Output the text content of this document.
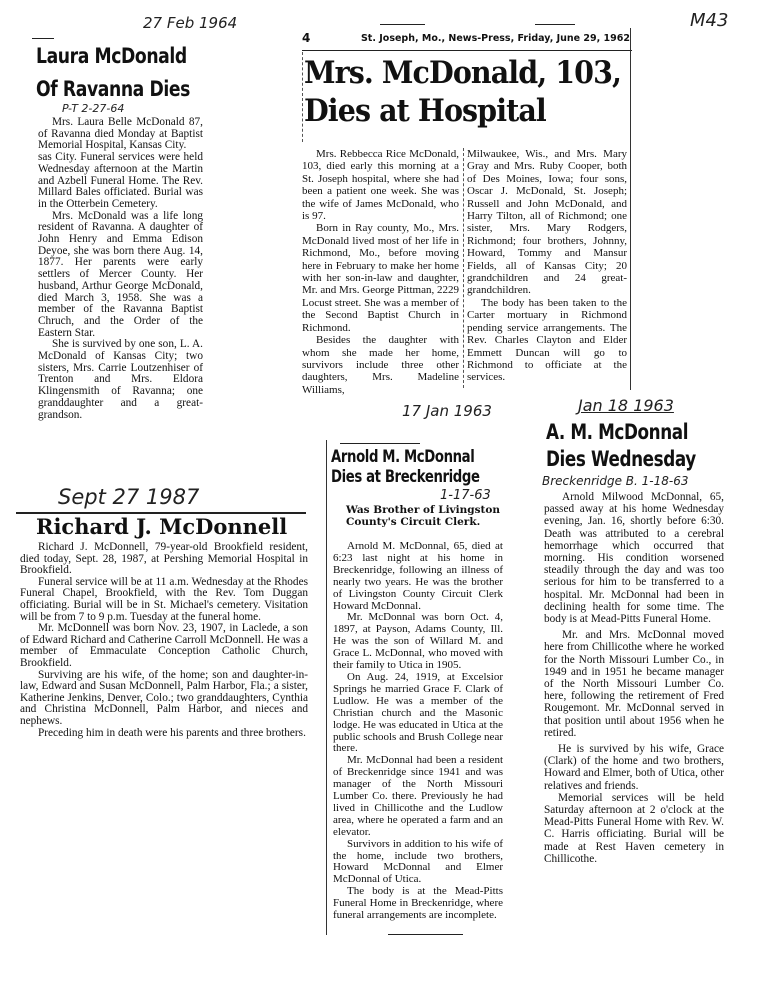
M43
27 Feb 1964
Laura McDonald
Of Ravanna Dies
P-T 2-27-64

Mrs. Laura Belle McDonald 87, of Ravanna died Monday at Baptist Memorial Hospital, Kansas City.

sas City. Funeral services were held Wednesday afternoon at the Martin and Azbell Funeral Home. The Rev. Millard Bales officiated. Burial was in the Otterbein Cemetery.

Mrs. McDonald was a life long resident of Ravanna. A daughter of John Henry and Emma Edison Deyoe, she was born there Aug. 14, 1877. Her parents were early settlers of Mercer County. Her husband, Arthur George McDonald, died March 3, 1958. She was a member of the Ravanna Baptist Chruch, and the Order of the Eastern Star.

She is survived by one son, L. A. McDonald of Kansas City; two sisters, Mrs. Carrie Loutzenhiser of Trenton and Mrs. Eldora Klingensmith of Ravanna; one granddaughter and a great-grandson.

4	St. Joseph, Mo., News-Press, Friday, June 29, 1962
Mrs. McDonald, 103,
Dies at Hospital

Mrs. Rebbecca Rice McDonald, 103, died early this morning at a St. Joseph hospital, where she had been a patient one week. She was the wife of James McDonald, who is 97.

Born in Ray county, Mo., Mrs. McDonald lived most of her life in Richmond, Mo., before moving here in February to make her home with her son-in-law and daughter, Mr. and Mrs. George Pittman, 2229 Locust street. She was a member of the Second Baptist Church in Richmond.

Besides the daughter with whom she made her home, survivors include three other daughters, Mrs. Madeline Williams,

Milwaukee, Wis., and Mrs. Mary Gray and Mrs. Ruby Cooper, both of Des Moines, Iowa; four sons, Oscar J. McDonald, St. Joseph; Russell and John McDonald, and Harry Tilton, all of Richmond; one sister, Mrs. Mary Rodgers, Richmond; four brothers, Johnny, Howard, Tommy and Mansur Fields, all of Kansas City; 20 grandchildren and 24 great-grandchildren.

The body has been taken to the Carter mortuary in Richmond pending service arrangements. The Rev. Charles Clayton and Elder Emmett Duncan will go to Richmond to officiate at the services.

Sept 27 1987
Richard J. McDonnell

Richard J. McDonnell, 79-year-old Brookfield resident, died today, Sept. 28, 1987, at Pershing Memorial Hospital in Brookfield.

Funeral service will be at 11 a.m. Wednesday at the Rhodes Funeral Chapel, Brookfield, with the Rev. Tom Duggan officiating. Burial will be in St. Michael's cemetery. Visitation will be from 7 to 9 p.m. Tuesday at the funeral home.

Mr. McDonnell was born Nov. 23, 1907, in Laclede, a son of Edward Richard and Catherine Carroll McDonnell. He was a member of Emmaculate Conception Catholic Church, Brookfield.

Surviving are his wife, of the home; son and daughter-in-law, Edward and Susan McDonnell, Palm Harbor, Fla.; a sister, Katherine Jenkins, Denver, Colo.; two granddaughters, Cynthia and Christina McDonnell, Palm Harbor, and nieces and nephews.

Preceding him in death were his parents and three brothers.

17 Jan 1963
Arnold M. McDonnal
Dies at Breckenridge
1-17-63
Was Brother of Livingston County's Circuit Clerk.

Arnold M. McDonnal, 65, died at 6:23 last night at his home in Breckenridge, following an illness of nearly two years. He was the brother of Livingston County Circuit Clerk Howard McDonnal.

Mr. McDonnal was born Oct. 4, 1897, at Payson, Adams County, Ill. He was the son of Willard M. and Grace L. McDonnal, who moved with their family to Utica in 1905.

On Aug. 24, 1919, at Excelsior Springs he married Grace F. Clark of Ludlow. He was a member of the Christian church and the Masonic lodge. He was educated in Utica at the public schools and Brush College near there.

Mr. McDonnal had been a resident of Breckenridge since 1941 and was manager of the North Missouri Lumber Co. there. Previously he had lived in Chillicothe and the Ludlow area, where he operated a farm and an elevator.

Survivors in addition to his wife of the home, include two brothers, Howard McDonnal and Elmer McDonnal of Utica.

The body is at the Mead-Pitts Funeral Home in Breckenridge, where funeral arrangements are incomplete.

Jan 18 1963
A. M. McDonnal
Dies Wednesday
Breckenridge B. 1-18-63

Arnold Milwood McDonnal, 65, passed away at his home Wednesday evening, Jan. 16, shortly before 6:30. Death was attributed to a cerebral hemorrhage which occurred that morning. His condition worsened steadily through the day and was too serious for him to be transferred to a hospital. Mr. McDonnal had been in declining health for some time. The body is at Mead-Pitts Funeral Home.

Mr. and Mrs. McDonnal moved here from Chillicothe where he worked for the North Missouri Lumber Co., in 1949 and in 1951 he became manager of the North Missouri Lumber Co. here, following the retirement of Fred Rougemont. Mr. McDonnal served in that position until about 1956 when he retired.

He is survived by his wife, Grace (Clark) of the home and two brothers, Howard and Elmer, both of Utica, other relatives and friends.

Memorial services will be held Saturday afternoon at 2 o'clock at the Mead-Pitts Funeral Home with Rev. W. C. Harris officiating. Burial will be made at Rest Haven cemetery in Chillicothe.
